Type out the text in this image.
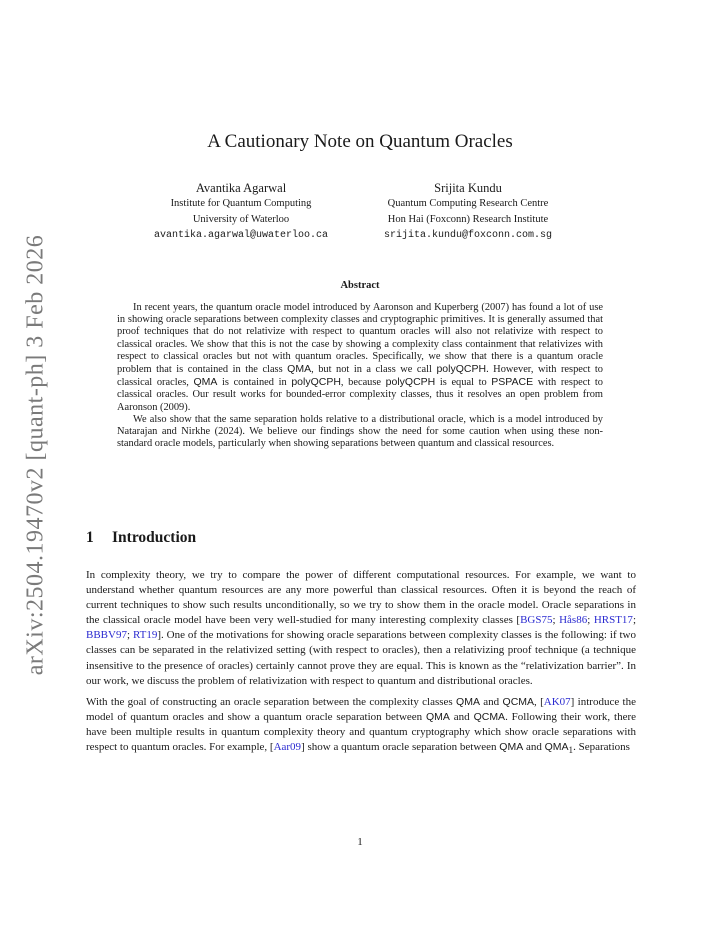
arXiv:2504.19470v2 [quant-ph] 3 Feb 2026
A Cautionary Note on Quantum Oracles
Avantika Agarwal
Institute for Quantum Computing
University of Waterloo
avantika.agarwal@uwaterloo.ca
Srijita Kundu
Quantum Computing Research Centre
Hon Hai (Foxconn) Research Institute
srijita.kundu@foxconn.com.sg
Abstract

In recent years, the quantum oracle model introduced by Aaronson and Kuperberg (2007) has found a lot of use in showing oracle separations between complexity classes and cryptographic primitives. It is generally assumed that proof techniques that do not relativize with respect to quantum oracles will also not relativize with respect to classical oracles. We show that this is not the case by showing a complexity class containment that relativizes with respect to classical oracles but not with quantum oracles. Specifically, we show that there is a quantum oracle problem that is contained in the class QMA, but not in a class we call polyQCPH. However, with respect to classical oracles, QMA is contained in polyQCPH, because polyQCPH is equal to PSPACE with respect to classical oracles. Our result works for bounded-error complexity classes, thus it resolves an open problem from Aaronson (2009).

We also show that the same separation holds relative to a distributional oracle, which is a model introduced by Natarajan and Nirkhe (2024). We believe our findings show the need for some caution when using these non-standard oracle models, particularly when showing separations between quantum and classical resources.

1 Introduction

In complexity theory, we try to compare the power of different computational resources. For example, we want to understand whether quantum resources are any more powerful than classical resources. Often it is beyond the reach of current techniques to show such results unconditionally, so we try to show them in the oracle model. Oracle separations in the classical oracle model have been very well-studied for many interesting complexity classes [BGS75; Hås86; HRST17; BBBV97; RT19]. One of the motivations for showing oracle separations between complexity classes is the following: if two classes can be separated in the relativized setting (with respect to oracles), then a relativizing proof technique (a technique insensitive to the presence of oracles) certainly cannot prove they are equal. This is known as the “relativization barrier”. In our work, we discuss the problem of relativization with respect to quantum and distributional oracles.

With the goal of constructing an oracle separation between the complexity classes QMA and QCMA, [AK07] introduce the model of quantum oracles and show a quantum oracle separation between QMA and QCMA. Following their work, there have been multiple results in quantum complexity theory and quantum cryptography which show oracle separations with respect to quantum oracles. For example, [Aar09] show a quantum oracle separation between QMA and $QMA_1$. Separations

1
